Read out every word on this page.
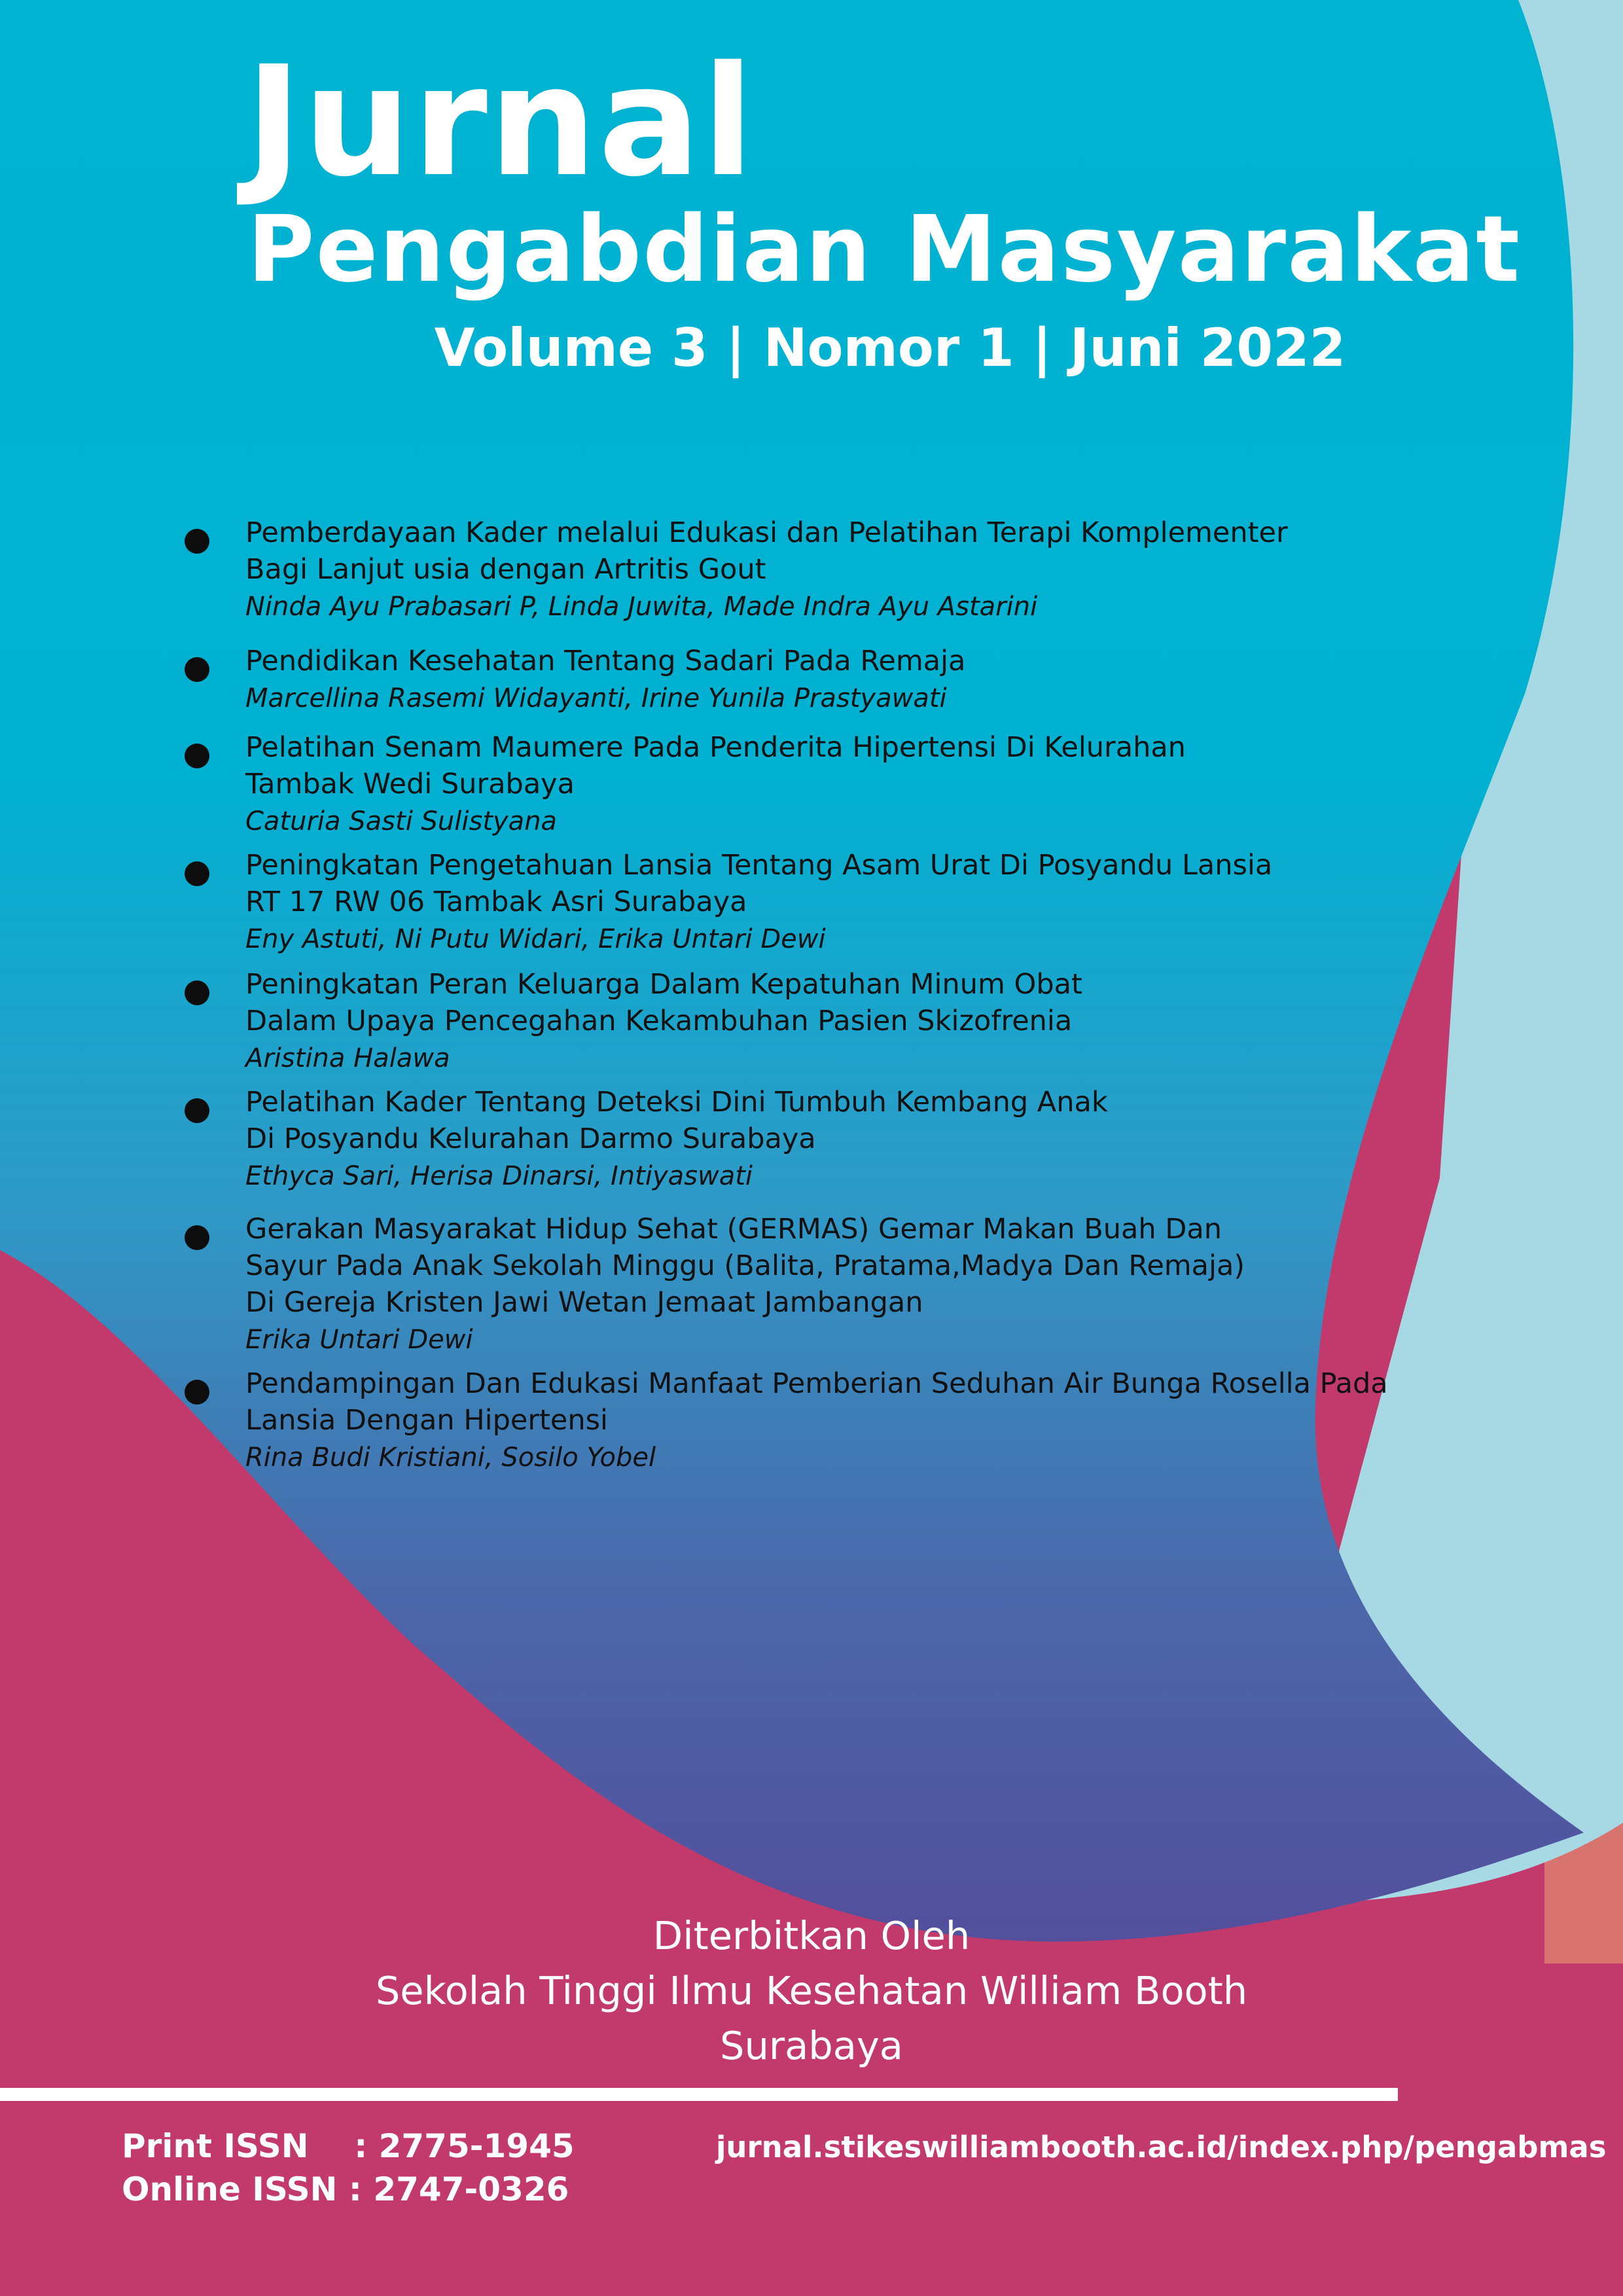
Jurnal
Pengabdian Masyarakat
Volume 3 | Nomor 1 | Juni 2022
Pemberdayaan Kader melalui Edukasi dan Pelatihan Terapi Komplementer
Bagi Lanjut usia dengan Artritis Gout
Ninda Ayu Prabasari P, Linda Juwita, Made Indra Ayu Astarini
Pendidikan Kesehatan Tentang Sadari Pada Remaja
Marcellina Rasemi Widayanti, Irine Yunila Prastyawati
Pelatihan Senam Maumere Pada Penderita Hipertensi Di Kelurahan
Tambak Wedi Surabaya
Caturia Sasti Sulistyana
Peningkatan Pengetahuan Lansia Tentang Asam Urat Di Posyandu Lansia
RT 17 RW 06 Tambak Asri Surabaya
Eny Astuti, Ni Putu Widari, Erika Untari Dewi
Peningkatan Peran Keluarga Dalam Kepatuhan Minum Obat
Dalam Upaya Pencegahan Kekambuhan Pasien Skizofrenia
Aristina Halawa
Pelatihan Kader Tentang Deteksi Dini Tumbuh Kembang Anak
Di Posyandu Kelurahan Darmo Surabaya
Ethyca Sari, Herisa Dinarsi, Intiyaswati
Gerakan Masyarakat Hidup Sehat (GERMAS) Gemar Makan Buah Dan
Sayur Pada Anak Sekolah Minggu (Balita, Pratama,Madya Dan Remaja)
Di Gereja Kristen Jawi Wetan Jemaat Jambangan
Erika Untari Dewi
Pendampingan Dan Edukasi Manfaat Pemberian Seduhan Air Bunga Rosella Pada
Lansia Dengan Hipertensi
Rina Budi Kristiani, Sosilo Yobel
Diterbitkan Oleh
Sekolah Tinggi Ilmu Kesehatan William Booth
Surabaya
Print ISSN    : 2775-1945
Online ISSN : 2747-0326
jurnal.stikeswilliambooth.ac.id/index.php/pengabmas
